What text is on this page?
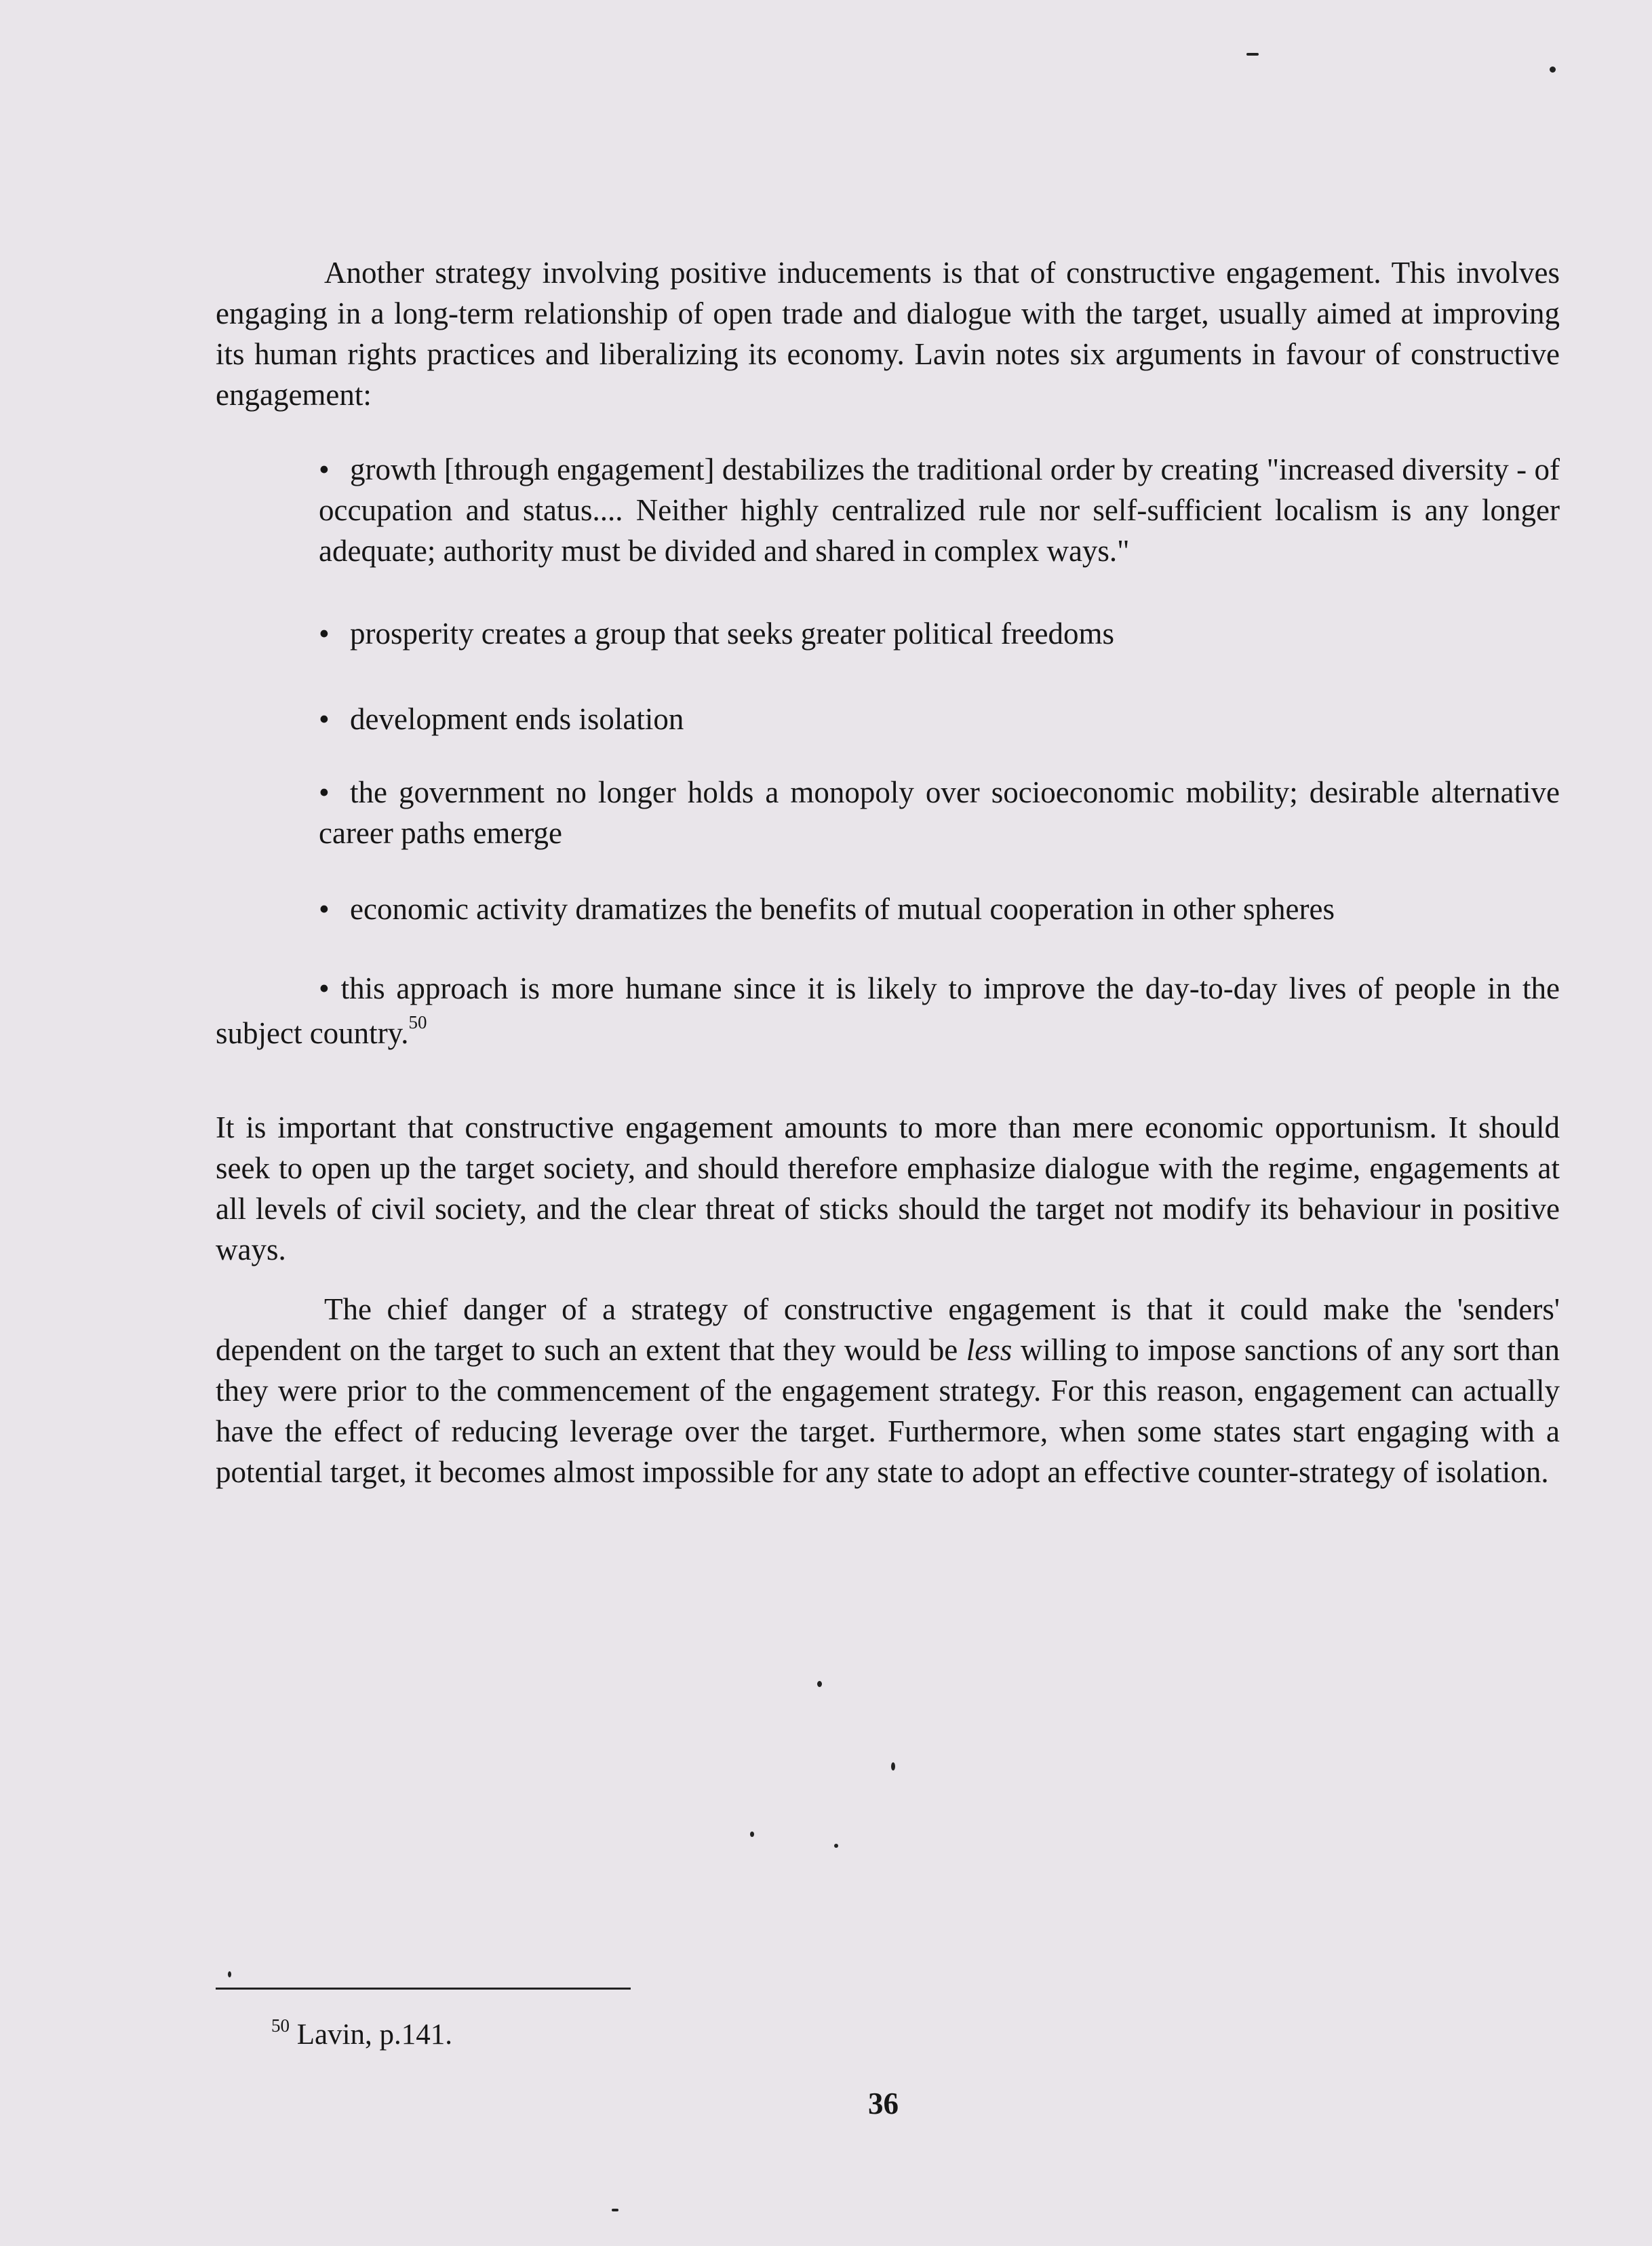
Another strategy involving positive inducements is that of constructive engagement. This involves engaging in a long-term relationship of open trade and dialogue with the target, usually aimed at improving its human rights practices and liberalizing its economy. Lavin notes six arguments in favour of constructive engagement:

• growth [through engagement] destabilizes the traditional order by creating "increased diversity - of occupation and status.... Neither highly centralized rule nor self-sufficient localism is any longer adequate; authority must be divided and shared in complex ways."

• prosperity creates a group that seeks greater political freedoms

• development ends isolation

• the government no longer holds a monopoly over socioeconomic mobility; desirable alternative career paths emerge

• economic activity dramatizes the benefits of mutual cooperation in other spheres

• this approach is more humane since it is likely to improve the day-to-day lives of people in the subject country.$^{50}$

It is important that constructive engagement amounts to more than mere economic opportunism. It should seek to open up the target society, and should therefore emphasize dialogue with the regime, engagements at all levels of civil society, and the clear threat of sticks should the target not modify its behaviour in positive ways.

The chief danger of a strategy of constructive engagement is that it could make the 'senders' dependent on the target to such an extent that they would be less willing to impose sanctions of any sort than they were prior to the commencement of the engagement strategy. For this reason, engagement can actually have the effect of reducing leverage over the target. Furthermore, when some states start engaging with a potential target, it becomes almost impossible for any state to adopt an effective counter-strategy of isolation.

$^{50}$ Lavin, p.141.
36
